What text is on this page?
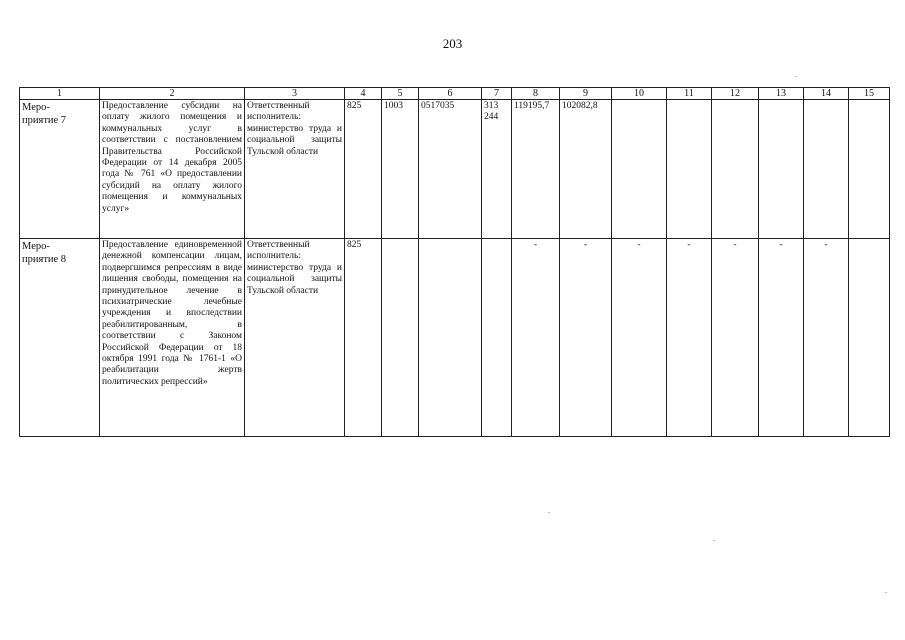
203
1	2	3	4	5	6	7	8	9	10	11	12	13	14	15
Меро-
приятие 7	Предоставление субсидии на оплату жилого помещения и коммунальных услуг в соответствии с постановлением Правительства Российской Федерации от 14 декабря 2005 года № 761 «О предоставлении субсидий на оплату жилого помещения и коммунальных услуг»	Ответственный исполнитель: министерство труда и социальной защиты Тульской области	825	1003	0517035	313 244	119195,7	102082,8						
Меро-
приятие 8	Предоставление единовременной денежной компенсации лицам, подвергшимся репрессиям в виде лишения свободы, помещения на принудительное лечение в психиатрические лечебные учреждения и впоследствии реабилитированным, в соответствии с Законом Российской Федерации от 18 октября 1991 года № 1761-1 «О реабилитации жертв политических репрессий»	Ответственный исполнитель: министерство труда и социальной защиты Тульской области	825				-	-	-	-	-	-	-	
